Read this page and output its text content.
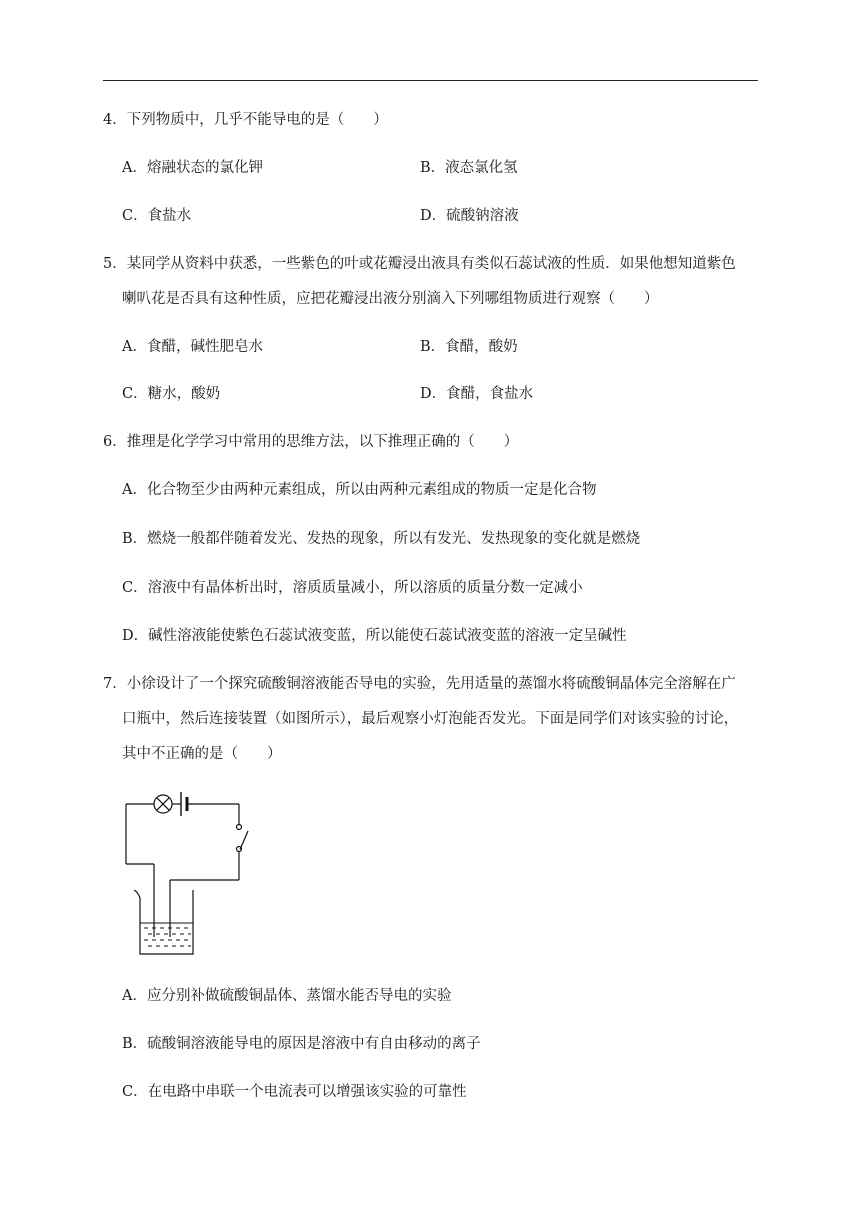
4．下列物质中，几乎不能导电的是（　　）
A．熔融状态的氯化钾	B．液态氯化氢
C．食盐水	D．硫酸钠溶液
5．某同学从资料中获悉，一些紫色的叶或花瓣浸出液具有类似石蕊试液的性质．如果他想知道紫色
喇叭花是否具有这种性质，应把花瓣浸出液分别滴入下列哪组物质进行观察（　　）
A．食醋，碱性肥皂水	B．食醋，酸奶
C．糖水，酸奶	D．食醋，食盐水
6．推理是化学学习中常用的思维方法，以下推理正确的（　　）
A．化合物至少由两种元素组成，所以由两种元素组成的物质一定是化合物
B．燃烧一般都伴随着发光、发热的现象，所以有发光、发热现象的变化就是燃烧
C．溶液中有晶体析出时，溶质质量减小，所以溶质的质量分数一定减小
D．碱性溶液能使紫色石蕊试液变蓝，所以能使石蕊试液变蓝的溶液一定呈碱性
7．小徐设计了一个探究硫酸铜溶液能否导电的实验，先用适量的蒸馏水将硫酸铜晶体完全溶解在广
口瓶中，然后连接装置（如图所示），最后观察小灯泡能否发光。下面是同学们对该实验的讨论，
其中不正确的是（　　）
A．应分别补做硫酸铜晶体、蒸馏水能否导电的实验
B．硫酸铜溶液能导电的原因是溶液中有自由移动的离子
C．在电路中串联一个电流表可以增强该实验的可靠性
